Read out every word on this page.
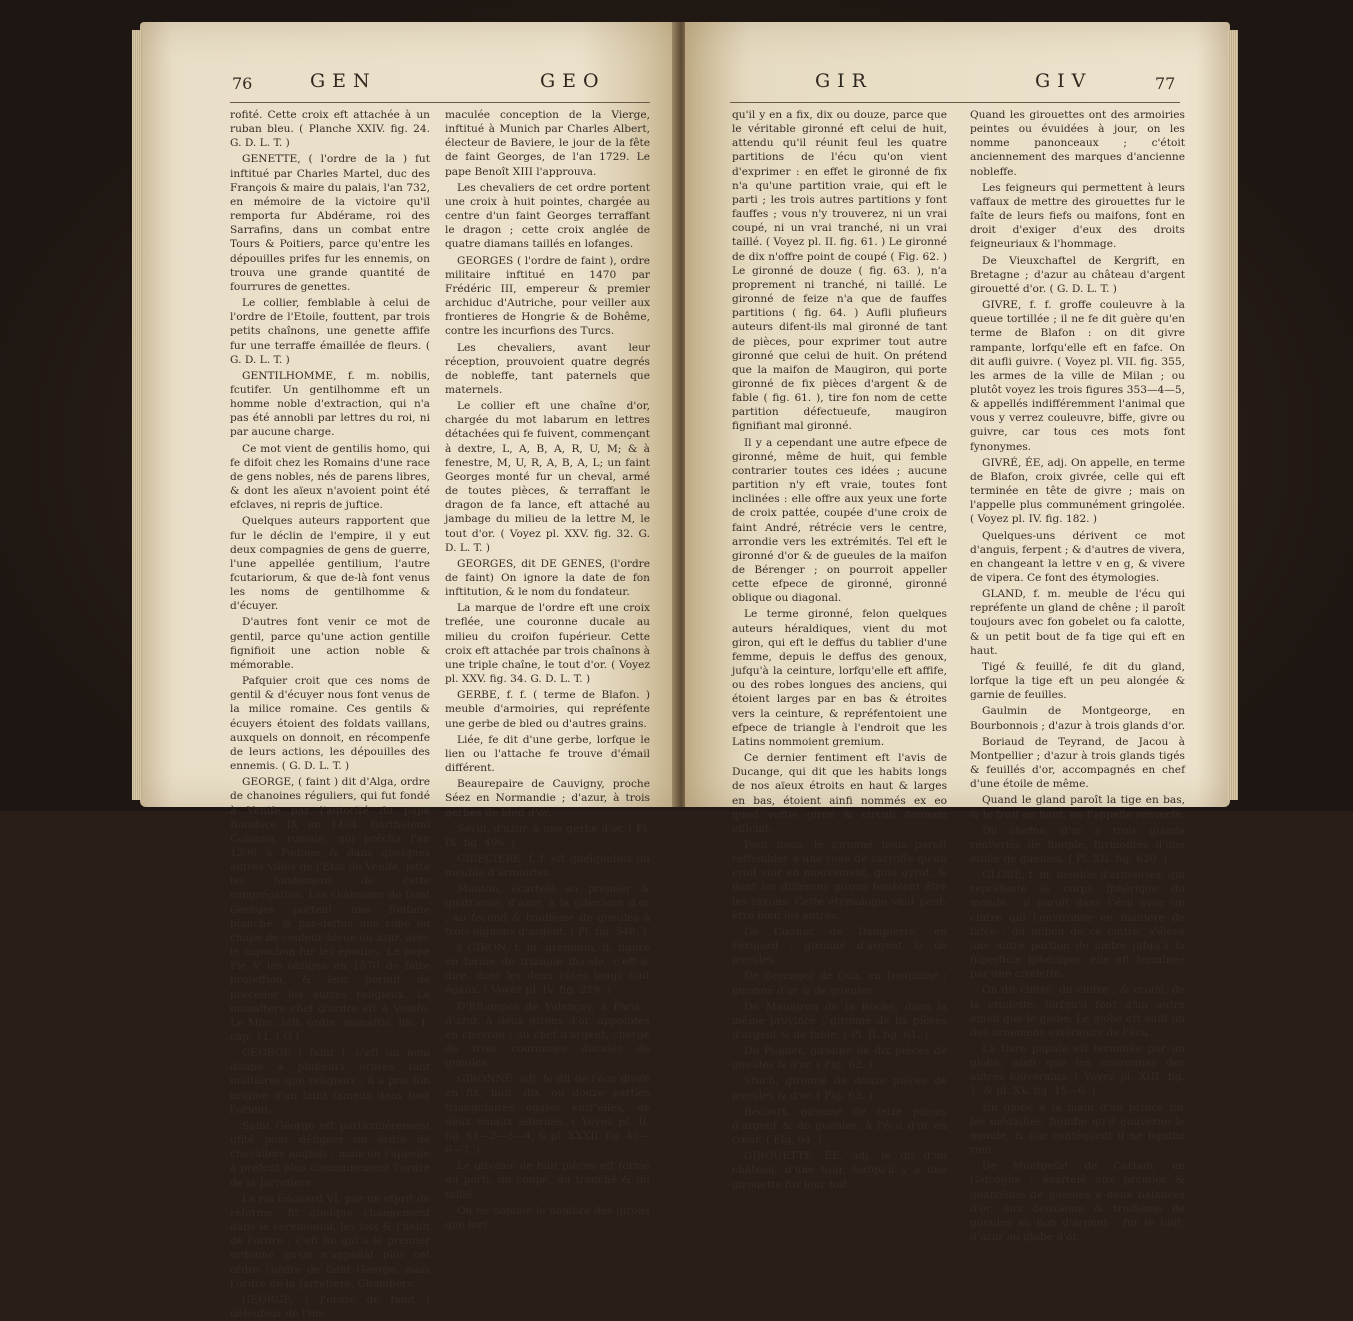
76	GEN	GEO

rofité. Cette croix eft attachée à un ruban bleu. ( Planche XXIV. fig. 24. G. D. L. T. )

GENETTE, ( l'ordre de la ) fut inftitué par Charles Martel, duc des François & maire du palais, l'an 732, en mémoire de la victoire qu'il remporta fur Abdérame, roi des Sarrafins, dans un combat entre Tours & Poitiers, parce qu'entre les dépouilles prifes fur les ennemis, on trouva une grande quantité de fourrures de genettes.

Le collier, femblable à celui de l'ordre de l'Etoile, fouttent, par trois petits chaînons, une genette affife fur une terraffe émaillée de fleurs. ( G. D. L. T. )

GENTILHOMME, f. m. nobilis, fcutifer. Un gentilhomme eft un homme noble d'extraction, qui n'a pas été annobli par lettres du roi, ni par aucune charge.

Ce mot vient de gentilis homo, qui fe difoit chez les Romains d'une race de gens nobles, nés de parens libres, & dont les aïeux n'avoient point été efclaves, ni repris de juftice.

Quelques auteurs rapportent que fur le déclin de l'empire, il y eut deux compagnies de gens de guerre, l'une appellée gentilium, l'autre fcutariorum, & que de-là font venus les noms de gentilhomme & d'écuyer.

D'autres font venir ce mot de gentil, parce qu'une action gentille fignifioit une action noble & mémorable.

Pafquier croit que ces noms de gentil & d'écuyer nous font venus de la milice romaine. Ces gentils & écuyers étoient des foldats vaillans, auxquels on donnoit, en récompenfe de leurs actions, les dépouilles des ennemis. ( G. D. L. T. )

GEORGE, ( faint ) dit d'Alga, ordre de chanoines réguliers, qui fut fondé à Venife par l'autorité du pape Boniface IX en 1404. Barthelemi Colonna, romain, qui prêcha l'an 1396 à Padoue & dans quelques autres villes de l'Etat de Venife, jetta les fondemens de cette congrégation. Les chanoines de faint Georges portent une foutane blanche, & par-deffus une robe ou chape de couleur bleue ou azur, avec le capuchon fur les épaules. Le pape Pie V les obligea en 1570 de faire profeffion, & leur permit de précéder les autres religieux. Le monaftere chef d'ordre eft à Venife. Le Mire, hift. ordin. monaftic. lib. 1. cap. 11. ( G )

GEORGE ( faint ), c'eft un nom donné à plufieurs ordres tant militaires que religieux ; il a pris fon origine d'un faint fameux dans tout l'orient.

Saint George eft particuliérement ufité pour défigner un ordre de chevaliers anglois ; mais on l'appelle à préfent plus communément l'ordre de la Jarretiere.

Le roi Edouard VI, par un efprit de réforme, fit quelque changement dans le cérémonial, les loix & l'habit de l'ordre ; c'eft lui qui a le premier ordonné qu'on n'appellât plus cet ordre l'ordre de faint George, mais l'ordre de la Jarretiere. Chambers.

GEORGE, ( l'ordre de faint ) défenfeur de l'im-

maculée conception de la Vierge, inftitué à Munich par Charles Albert, électeur de Baviere, le jour de la fête de faint Georges, de l'an 1729. Le pape Benoît XIII l'approuva.

Les chevaliers de cet ordre portent une croix à huit pointes, chargée au centre d'un faint Georges terraffant le dragon ; cette croix anglée de quatre diamans taillés en lofanges.

GEORGES ( l'ordre de faint ), ordre militaire inftitué en 1470 par Frédéric III, empereur & premier archiduc d'Autriche, pour veiller aux frontieres de Hongrie & de Bohême, contre les incurfions des Turcs.

Les chevaliers, avant leur réception, prouvoient quatre degrés de nobleffe, tant paternels que maternels.

Le collier eft une chaîne d'or, chargée du mot labarum en lettres détachées qui fe fuivent, commençant à dextre, L, A, B, A, R, U, M; & à fenestre, M, U, R, A, B, A, L; un faint Georges monté fur un cheval, armé de toutes pièces, & terraffant le dragon de fa lance, eft attaché au jambage du milieu de la lettre M, le tout d'or. ( Voyez pl. XXV. fig. 32. G. D. L. T. )

GEORGES, dit DE GENES, (l'ordre de faint) On ignore la date de fon inftitution, & le nom du fondateur.

La marque de l'ordre eft une croix treflée, une couronne ducale au milieu du croifon fupérieur. Cette croix eft attachée par trois chaînons à une triple chaîne, le tout d'or. ( Voyez pl. XXV. fig. 34. G. D. L. T. )

GERBE, f. f. ( terme de Blafon. ) meuble d'armoiries, qui repréfente une gerbe de bled ou d'autres grains.

Liée, fe dit d'une gerbe, lorfque le lien ou l'attache fe trouve d'émail différent.

Beaurepaire de Cauvigny, proche Séez en Normandie ; d'azur, à trois gerbes de bled d'or.

Sevin, d'azur, à une gerbe d'or. ( Pl. IX. fig. 496. )

GIBECIERE, f. f. eft quelquefois un meuble d'armoiries.

Mouton, écartelé au premier & quatrième, d'azur, à la gibeciere d'or ; au fecond & troifième de gueules à trois oignons d'argent. ( Pl. fig. 548. )

§ GIRON, f. m. gremium, ii, figure en forme de triangle ifocele, c'eft-à-dire, dont les deux côtés longs font égaux. ( Voyez pl. IV. fig. 219. )

D'Eftampes de Valençay, à Paris ; d'azur, à deux girons d'or, appointés en chevron ; au chef d'argent, chargé de trois couronnes ducales de gueules.

GIRONNÉ, adj. fe dit de l'écu divifé en fix, huit, dix, ou douze parties triangulaires égales entr'elles, de deux émaux alternés. ( Voyez pl. II. fig. 61—2—3—4, & pl. XXXII. fig. 45—6—7. )

Le gironné de huit pièces eft formé du parti, du coupé, du tranché & du taillé.

On ne nomme le nombre des girons que lorf-

GIR	GIV	77

qu'il y en a fix, dix ou douze, parce que le véritable gironné eft celui de huit, attendu qu'il réunit feul les quatre partitions de l'écu qu'on vient d'exprimer : en effet le gironné de fix n'a qu'une partition vraie, qui eft le parti ; les trois autres partitions y font fauffes ; vous n'y trouverez, ni un vrai coupé, ni un vrai tranché, ni un vrai taillé. ( Voyez pl. II. fig. 61. ) Le gironné de dix n'offre point de coupé ( Fig. 62. ) Le gironné de douze ( fig. 63. ), n'a proprement ni tranché, ni taillé. Le gironné de feize n'a que de fauffes partitions ( fig. 64. ) Aufli plufieurs auteurs difent-ils mal gironné de tant de pièces, pour exprimer tout autre gironné que celui de huit. On prétend que la maifon de Maugiron, qui porte gironné de fix pièces d'argent & de fable ( fig. 61. ), tire fon nom de cette partition défectueufe, maugiron fignifiant mal gironné.

Il y a cependant une autre efpece de gironné, même de huit, qui femble contrarier toutes ces idées ; aucune partition n'y eft vraie, toutes font inclinées : elle offre aux yeux une forte de croix pattée, coupée d'une croix de faint André, rétrécie vers le centre, arrondie vers les extrémités. Tel eft le gironné d'or & de gueules de la maifon de Bérenger ; on pourroit appeller cette efpece de gironné, gironné oblique ou diagonal.

Le terme gironné, felon quelques auteurs héraldiques, vient du mot giron, qui eft le deffus du tablier d'une femme, depuis le deffus des genoux, jufqu'à la ceinture, lorfqu'elle eft affife, ou des robes longues des anciens, qui étoient larges par en bas & étroites vers la ceinture, & repréfentoient une efpece de triangle à l'endroit que les Latins nommoient gremium.

Ce dernier fentiment eft l'avis de Ducange, qui dit que les habits longs de nos aïeux étroits en haut & larges en bas, étoient ainfi nommés ex eo quod veftis giros & circuli formam efficiat.

Pour nous, le gironné nous paroît reffembler à une roue de carroffe qu'on croit voir en mouvement, quia gyrat, & dont les différens girons femblent être les rayons. Cette étymologie vaut peut-être bien les autres.

De Cugnac de Dampierre, en Périgord ; gironné d'argent & de gueules.

De Berenger de Gua, en Dauphiné ; gironné d'or & de gueules.

De Maugiron de la Roche, dans la même province ; gironné de fix pièces d'argent & de fable. ( Pl. II. fig. 61. )

Du Pugnet, gironné de dix pièces de gueules & d'or. ( Fig. 62. )

Stuch, gironné de douze pièces de gueules & d'or. ( Fig. 63. )

Bécourt, gironné de feize pièces d'argent & de gueules, à l'écu d'or en cœur. ( Fig. 64. )

GIROUETTE, ÉE, adj. fe dit d'un château, d'une tour, lorfqu'il y a une girouette fur leur toit.

Quand les girouettes ont des armoiries peintes ou évuidées à jour, on les nomme panonceaux ; c'étoit anciennement des marques d'ancienne nobleffe.

Les feigneurs qui permettent à leurs vaffaux de mettre des girouettes fur le faîte de leurs fiefs ou maifons, font en droit d'exiger d'eux des droits feigneuriaux & l'hommage.

De Vieuxchaftel de Kergrift, en Bretagne ; d'azur au château d'argent girouetté d'or. ( G. D. L. T. )

GIVRE, f. f. groffe couleuvre à la queue tortillée ; il ne fe dit guère qu'en terme de Blafon : on dit givre rampante, lorfqu'elle eft en fafce. On dit aufli guivre. ( Voyez pl. VII. fig. 355, les armes de la ville de Milan ; ou plutôt voyez les trois figures 353—4—5, & appellés indifféremment l'animal que vous y verrez couleuvre, biffe, givre ou guivre, car tous ces mots font fynonymes.

GIVRÉ, ÉE, adj. On appelle, en terme de Blafon, croix givrée, celle qui eft terminée en tête de givre ; mais on l'appelle plus communément gringolée. ( Voyez pl. IV. fig. 182. )

Quelques-uns dérivent ce mot d'anguis, ferpent ; & d'autres de vivera, en changeant la lettre v en g, & vivere de vipera. Ce font des étymologies.

GLAND, f. m. meuble de l'écu qui repréfente un gland de chêne ; il paroît toujours avec fon gobelet ou fa calotte, & un petit bout de fa tige qui eft en haut.

Tigé & feuillé, fe dit du gland, lorfque la tige eft un peu alongée & garnie de feuilles.

Gaulmin de Montgeorge, en Bourbonnois ; d'azur à trois glands d'or.

Boriaud de Teyrand, de Jacou à Montpellier ; d'azur à trois glands tigés & feuillés d'or, accompagnés en chef d'une étoile de même.

Quand le gland paroît la tige en bas, & le fruit en haut, on l'appelle renverfé.

Du chefne, d'or à trois glands renverfés de finople, furmontés d'une étoile de gueules. ( Pl. XII. fig. 620. )

GLOBE, f. m. meuble d'armoiries, qui repréfente le corps fphérique du monde ; il paroît dans l'écu avec un cintre qui l'environne en maniere de fafce : du milieu de ce cintre, s'éleve une autre portion de cintre jufqu'à la fuperficie fphérique, elle eft terminée par une croifette.

On dit cintré, du cintre ; & croifé, de la croifette, lorfqu'il font d'un autre émail que le globe. Le globe eft aufli un des ornemens extérieurs de l'écu.

La tiare papale eft terminée par un globe, ainfi que les couronnes des autres fouverains. ( Voyez pl. XIII. fig. 1, & pl. XV. fig. 15—6. )

Un globe à la main d'un prince fur les médailles, fignifie qu'il gouverne le monde, & par conféquent il ne fignifie rien.

De Montpefat de Carbon, en Gafcogne ; écartelé aux premier & quatrième de gueules à deux balances d'or, aux deuxième & troifième de gueules au lion d'argent ; fur le tout, d'azur au globe d'or.
